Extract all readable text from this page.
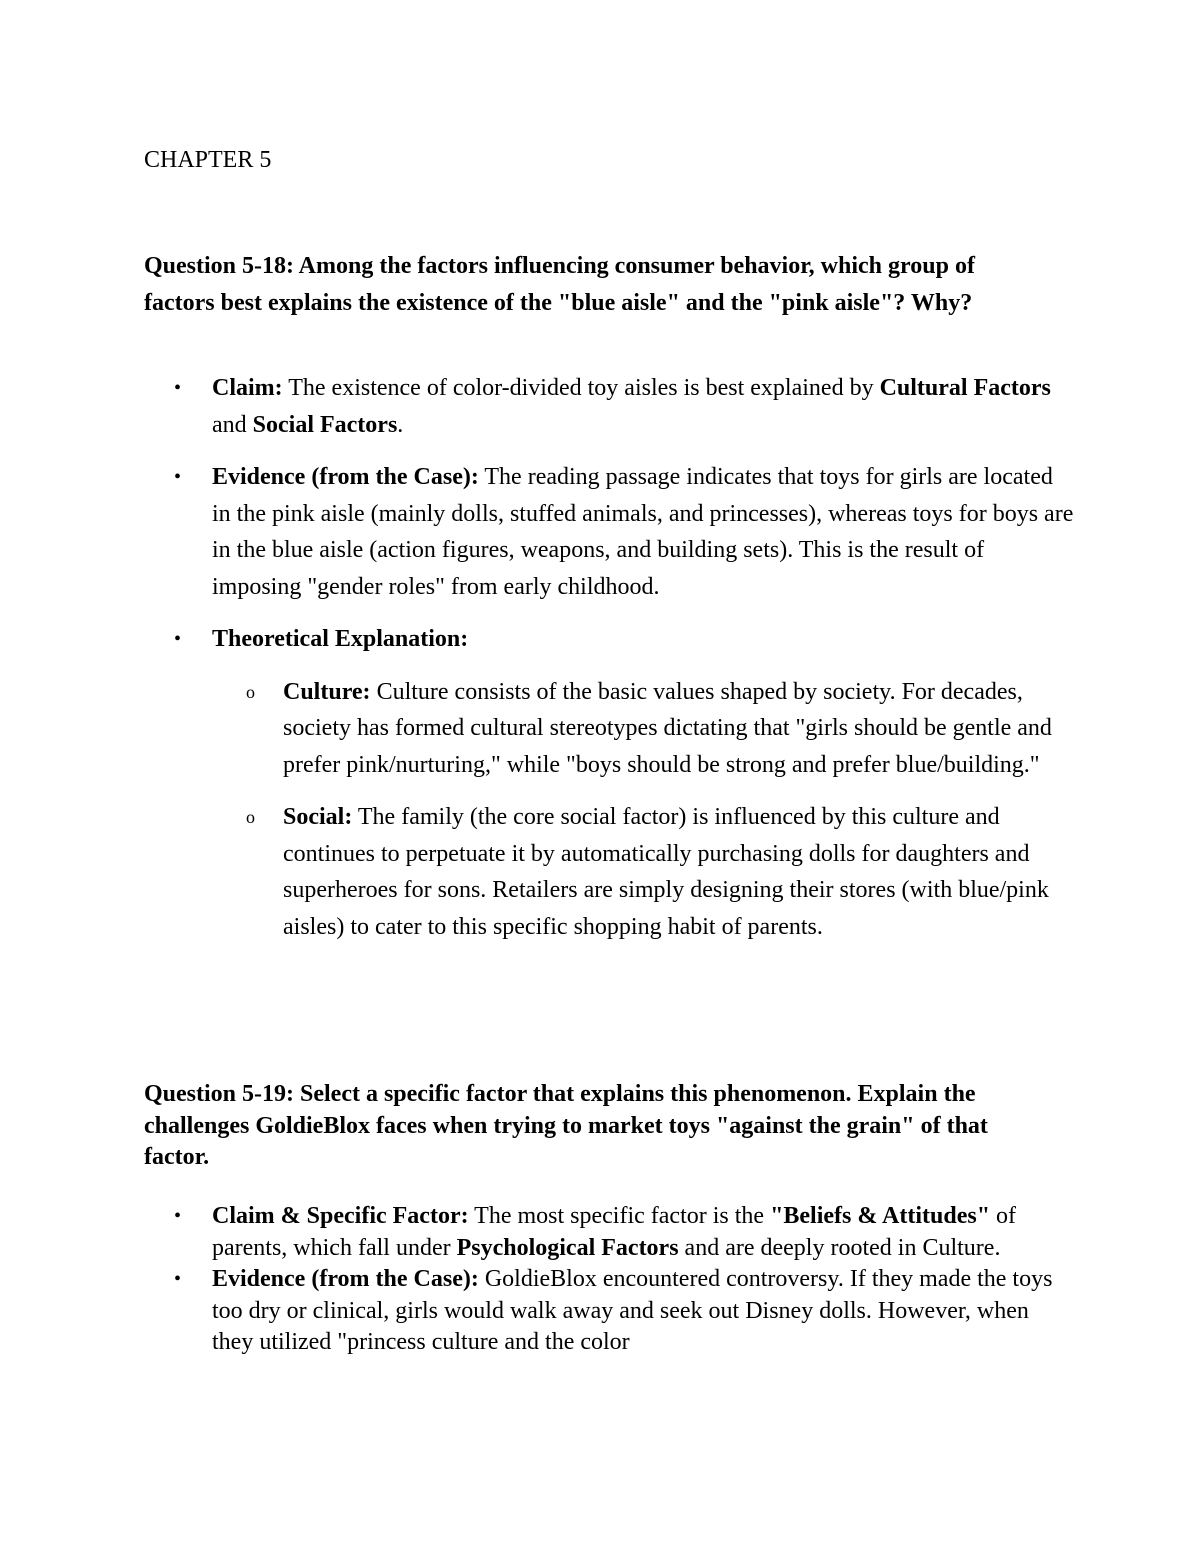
CHAPTER 5

Question 5-18: Among the factors influencing consumer behavior, which group of factors best explains the existence of the "blue aisle" and the "pink aisle"? Why?

• Claim: The existence of color-divided toy aisles is best explained by Cultural Factors and Social Factors.
• Evidence (from the Case): The reading passage indicates that toys for girls are located in the pink aisle (mainly dolls, stuffed animals, and princesses), whereas toys for boys are in the blue aisle (action figures, weapons, and building sets). This is the result of imposing "gender roles" from early childhood.
• Theoretical Explanation:
o Culture: Culture consists of the basic values shaped by society. For decades, society has formed cultural stereotypes dictating that "girls should be gentle and prefer pink/nurturing," while "boys should be strong and prefer blue/building."
o Social: The family (the core social factor) is influenced by this culture and continues to perpetuate it by automatically purchasing dolls for daughters and superheroes for sons. Retailers are simply designing their stores (with blue/pink aisles) to cater to this specific shopping habit of parents.

Question 5-19: Select a specific factor that explains this phenomenon. Explain the challenges GoldieBlox faces when trying to market toys "against the grain" of that factor.

• Claim & Specific Factor: The most specific factor is the "Beliefs & Attitudes" of parents, which fall under Psychological Factors and are deeply rooted in Culture.
• Evidence (from the Case): GoldieBlox encountered controversy. If they made the toys too dry or clinical, girls would walk away and seek out Disney dolls. However, when they utilized "princess culture and the color
